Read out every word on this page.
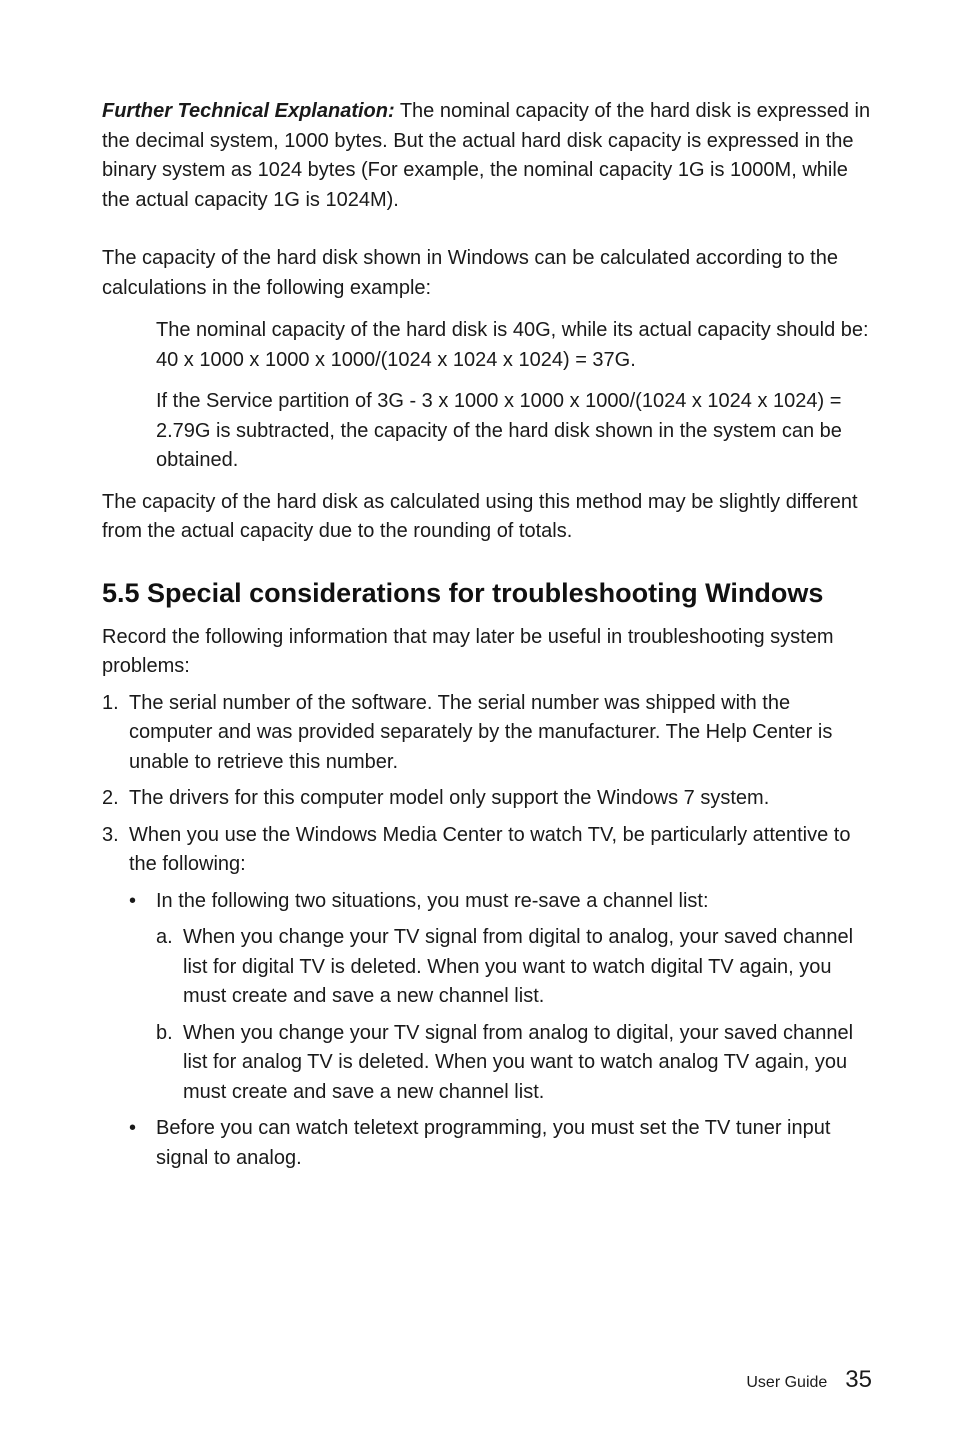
Further Technical Explanation: The nominal capacity of the hard disk is expressed in the decimal system, 1000 bytes. But the actual hard disk capacity is expressed in the binary system as 1024 bytes (For example, the nominal capacity 1G is 1000M, while the actual capacity 1G is 1024M).

The capacity of the hard disk shown in Windows can be calculated according to the calculations in the following example:

The nominal capacity of the hard disk is 40G, while its actual capacity should be: 40 x 1000 x 1000 x 1000/(1024 x 1024 x 1024) = 37G.

If the Service partition of 3G - 3 x 1000 x 1000 x 1000/(1024 x 1024 x 1024) = 2.79G is subtracted, the capacity of the hard disk shown in the system can be obtained.

The capacity of the hard disk as calculated using this method may be slightly different from the actual capacity due to the rounding of totals.

5.5 Special considerations for troubleshooting Windows

Record the following information that may later be useful in troubleshooting system problems:

1. The serial number of the software. The serial number was shipped with the computer and was provided separately by the manufacturer. The Help Center is unable to retrieve this number.
2. The drivers for this computer model only support the Windows 7 system.
3. When you use the Windows Media Center to watch TV, be particularly attentive to the following:
• In the following two situations, you must re-save a channel list:
a. When you change your TV signal from digital to analog, your saved channel list for digital TV is deleted. When you want to watch digital TV again, you must create and save a new channel list.
b. When you change your TV signal from analog to digital, your saved channel list for analog TV is deleted. When you want to watch analog TV again, you must create and save a new channel list.
• Before you can watch teletext programming, you must set the TV tuner input signal to analog.
User Guide 35
